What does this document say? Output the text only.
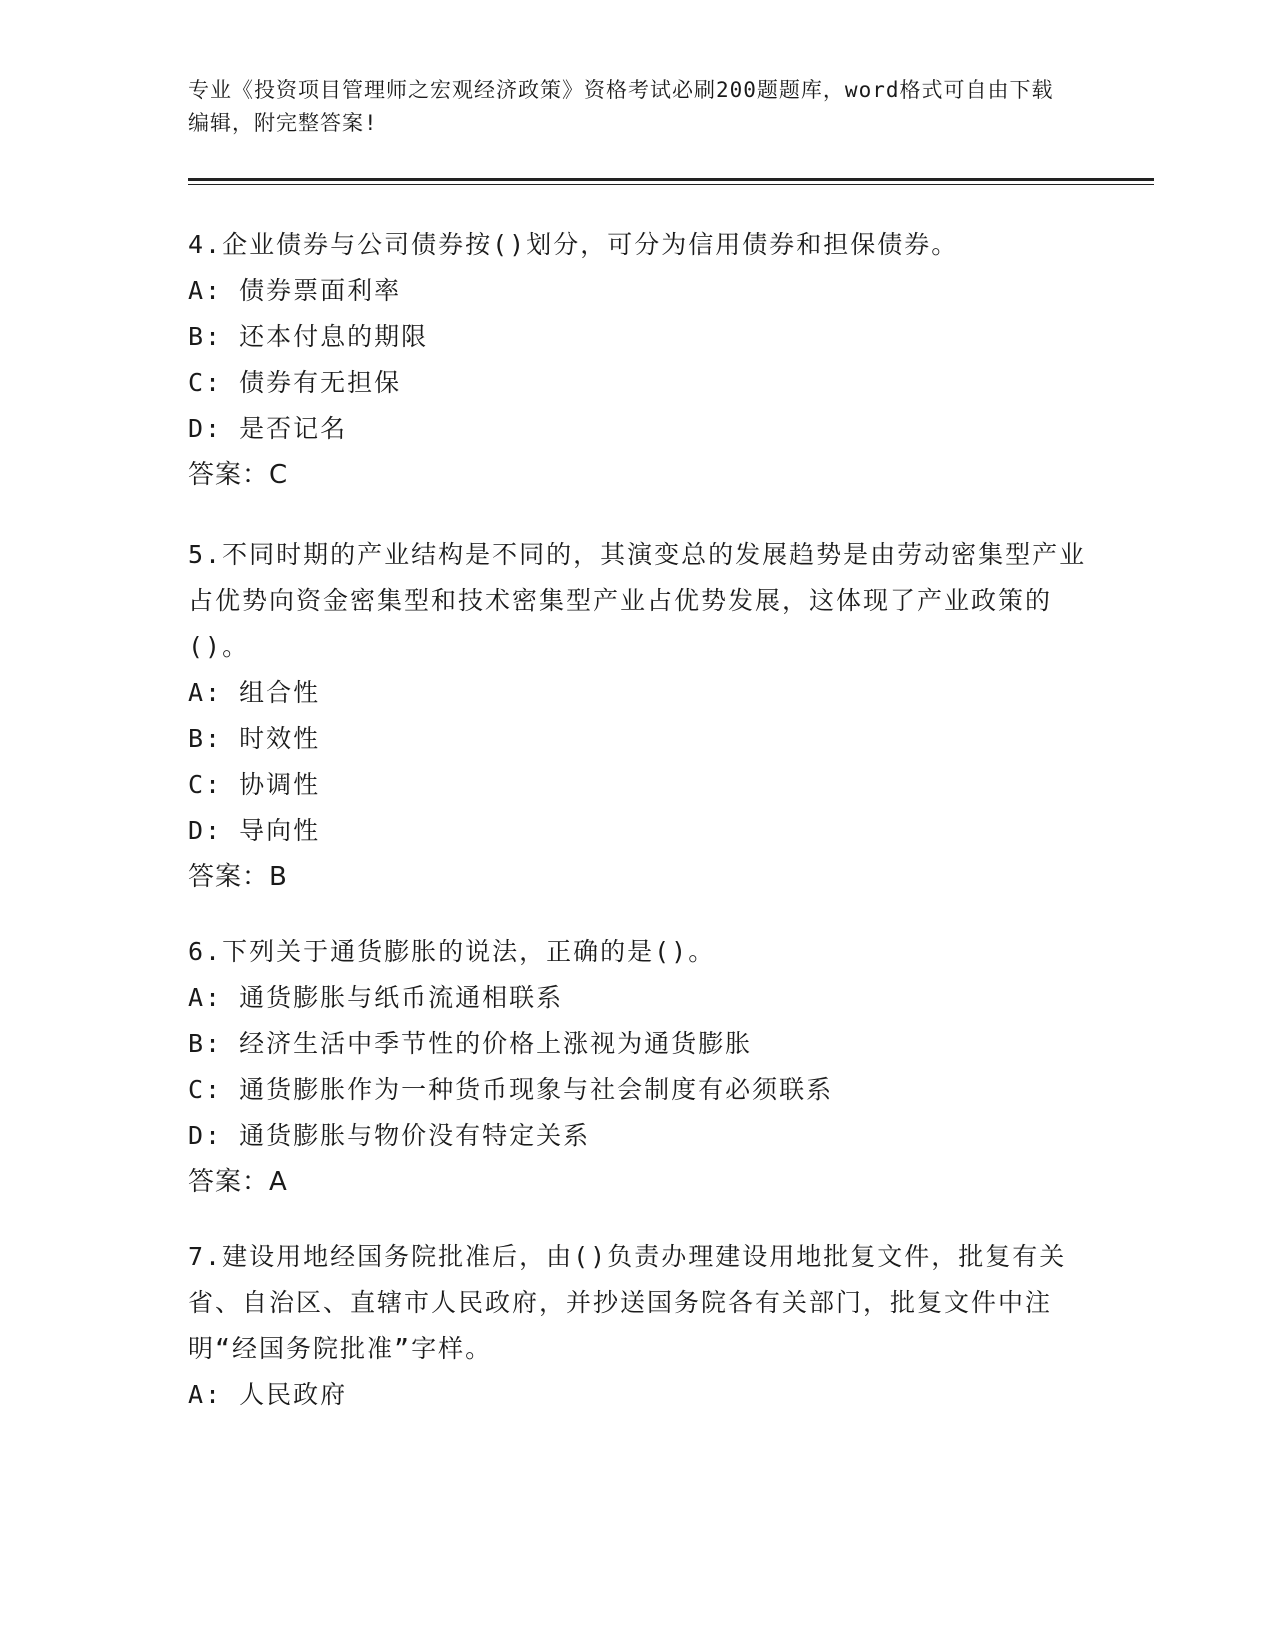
专业《投资项目管理师之宏观经济政策》资格考试必刷200题题库，word格式可自由下载编辑，附完整答案!
4.企业债券与公司债券按()划分，可分为信用债券和担保债券。
A: 债券票面利率
B: 还本付息的期限
C: 债券有无担保
D: 是否记名
答案：C
5.不同时期的产业结构是不同的，其演变总的发展趋势是由劳动密集型产业占优势向资金密集型和技术密集型产业占优势发展，这体现了产业政策的()。
A: 组合性
B: 时效性
C: 协调性
D: 导向性
答案：B
6.下列关于通货膨胀的说法，正确的是()。
A: 通货膨胀与纸币流通相联系
B: 经济生活中季节性的价格上涨视为通货膨胀
C: 通货膨胀作为一种货币现象与社会制度有必须联系
D: 通货膨胀与物价没有特定关系
答案：A
7.建设用地经国务院批准后，由()负责办理建设用地批复文件，批复有关省、自治区、直辖市人民政府，并抄送国务院各有关部门，批复文件中注明“经国务院批准”字样。
A: 人民政府
